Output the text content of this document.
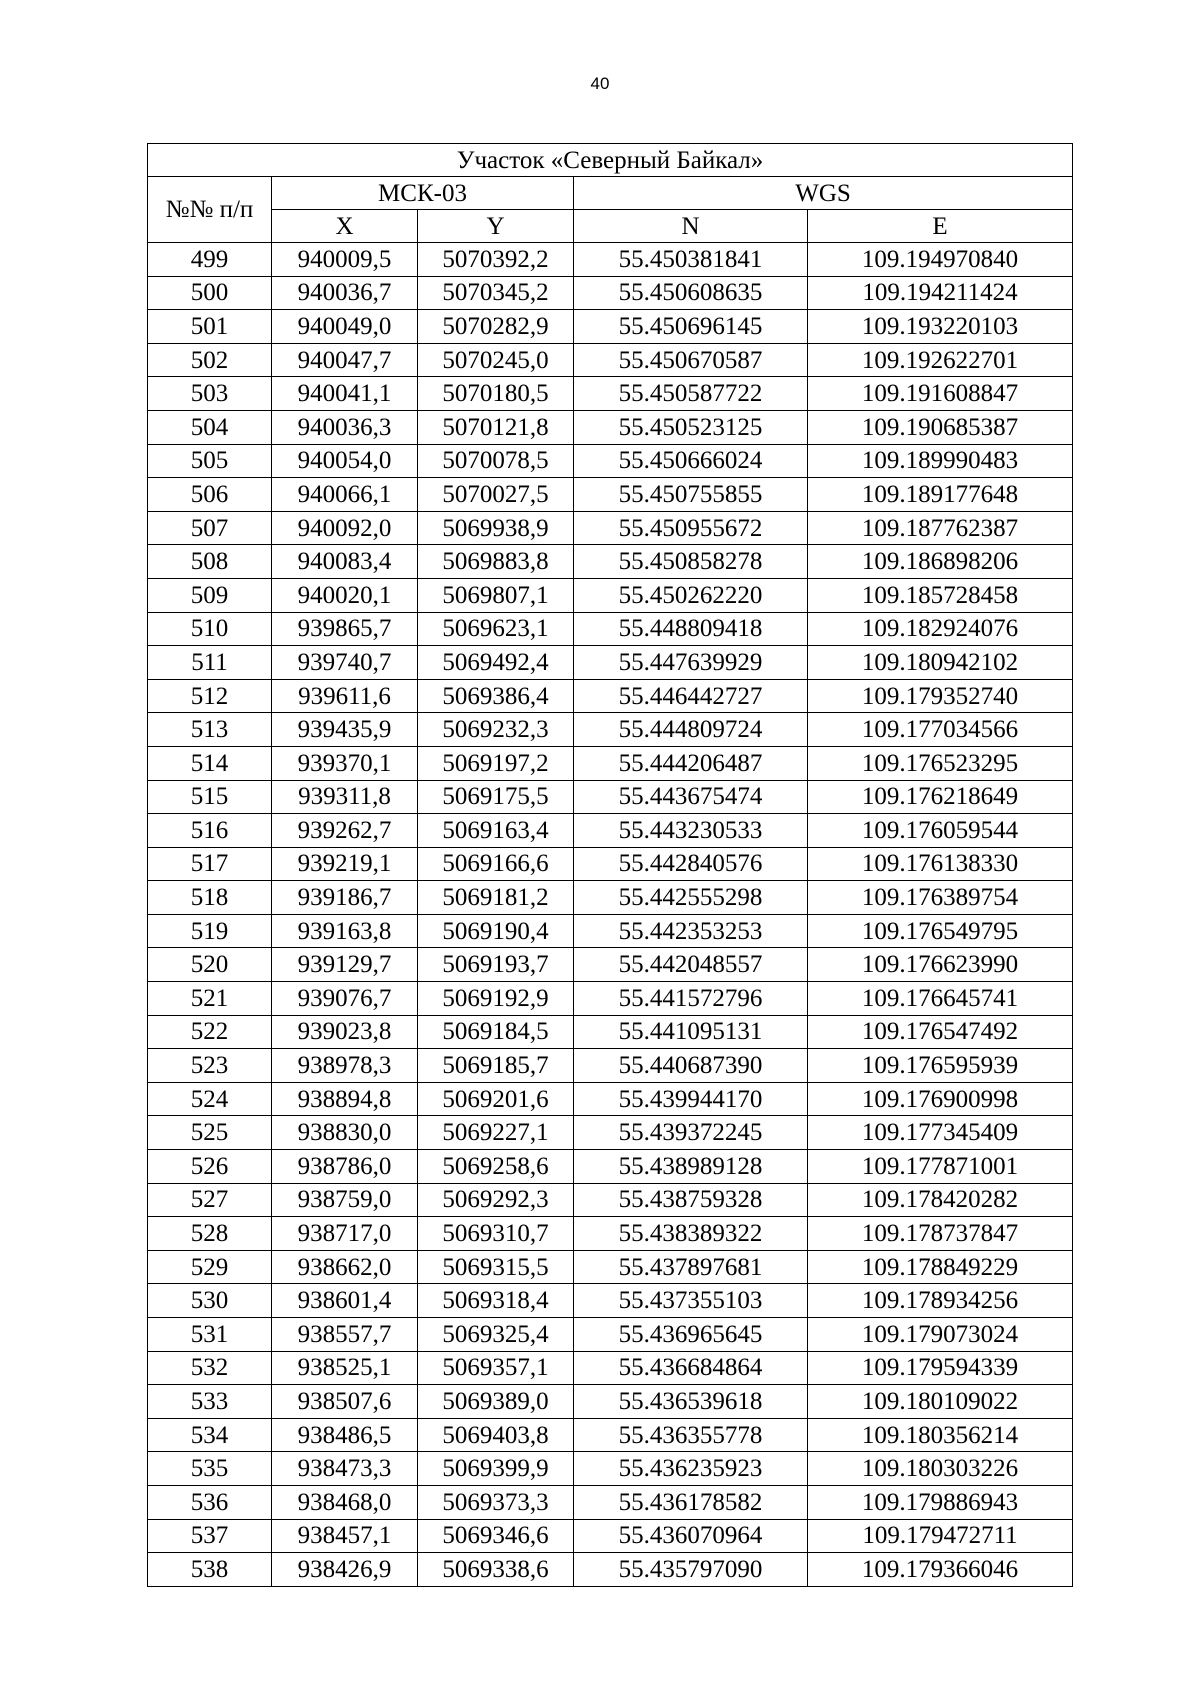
40
Участок «Северный Байкал»				
№№ п/п	МСК-03		WGS	
	X	Y	N	E
499	940009,5	5070392,2	55.450381841	109.194970840
500	940036,7	5070345,2	55.450608635	109.194211424
501	940049,0	5070282,9	55.450696145	109.193220103
502	940047,7	5070245,0	55.450670587	109.192622701
503	940041,1	5070180,5	55.450587722	109.191608847
504	940036,3	5070121,8	55.450523125	109.190685387
505	940054,0	5070078,5	55.450666024	109.189990483
506	940066,1	5070027,5	55.450755855	109.189177648
507	940092,0	5069938,9	55.450955672	109.187762387
508	940083,4	5069883,8	55.450858278	109.186898206
509	940020,1	5069807,1	55.450262220	109.185728458
510	939865,7	5069623,1	55.448809418	109.182924076
511	939740,7	5069492,4	55.447639929	109.180942102
512	939611,6	5069386,4	55.446442727	109.179352740
513	939435,9	5069232,3	55.444809724	109.177034566
514	939370,1	5069197,2	55.444206487	109.176523295
515	939311,8	5069175,5	55.443675474	109.176218649
516	939262,7	5069163,4	55.443230533	109.176059544
517	939219,1	5069166,6	55.442840576	109.176138330
518	939186,7	5069181,2	55.442555298	109.176389754
519	939163,8	5069190,4	55.442353253	109.176549795
520	939129,7	5069193,7	55.442048557	109.176623990
521	939076,7	5069192,9	55.441572796	109.176645741
522	939023,8	5069184,5	55.441095131	109.176547492
523	938978,3	5069185,7	55.440687390	109.176595939
524	938894,8	5069201,6	55.439944170	109.176900998
525	938830,0	5069227,1	55.439372245	109.177345409
526	938786,0	5069258,6	55.438989128	109.177871001
527	938759,0	5069292,3	55.438759328	109.178420282
528	938717,0	5069310,7	55.438389322	109.178737847
529	938662,0	5069315,5	55.437897681	109.178849229
530	938601,4	5069318,4	55.437355103	109.178934256
531	938557,7	5069325,4	55.436965645	109.179073024
532	938525,1	5069357,1	55.436684864	109.179594339
533	938507,6	5069389,0	55.436539618	109.180109022
534	938486,5	5069403,8	55.436355778	109.180356214
535	938473,3	5069399,9	55.436235923	109.180303226
536	938468,0	5069373,3	55.436178582	109.179886943
537	938457,1	5069346,6	55.436070964	109.179472711
538	938426,9	5069338,6	55.435797090	109.179366046
